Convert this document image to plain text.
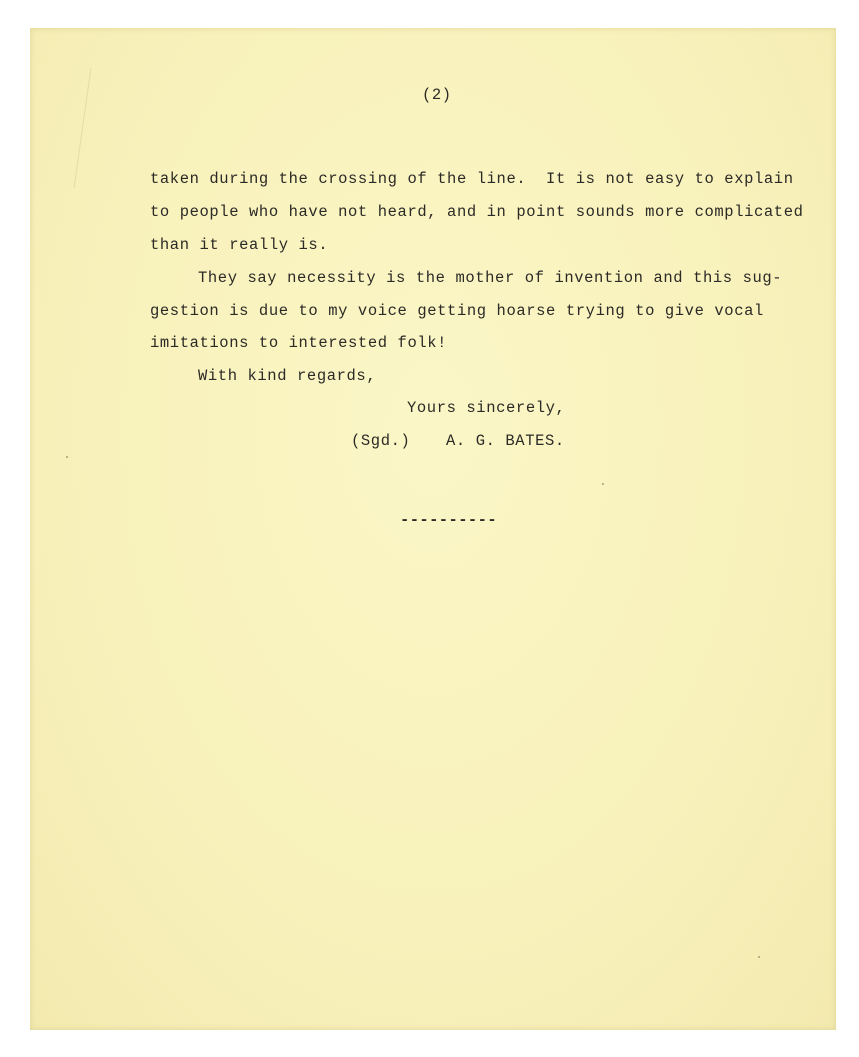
(2)
taken during the crossing of the line.  It is not easy to explain
to people who have not heard, and in point sounds more complicated
than it really is.
They say necessity is the mother of invention and this sug-
gestion is due to my voice getting hoarse trying to give vocal
imitations to interested folk!
With kind regards,
Yours sincerely,
(Sgd.) A. G. BATES.
----------
